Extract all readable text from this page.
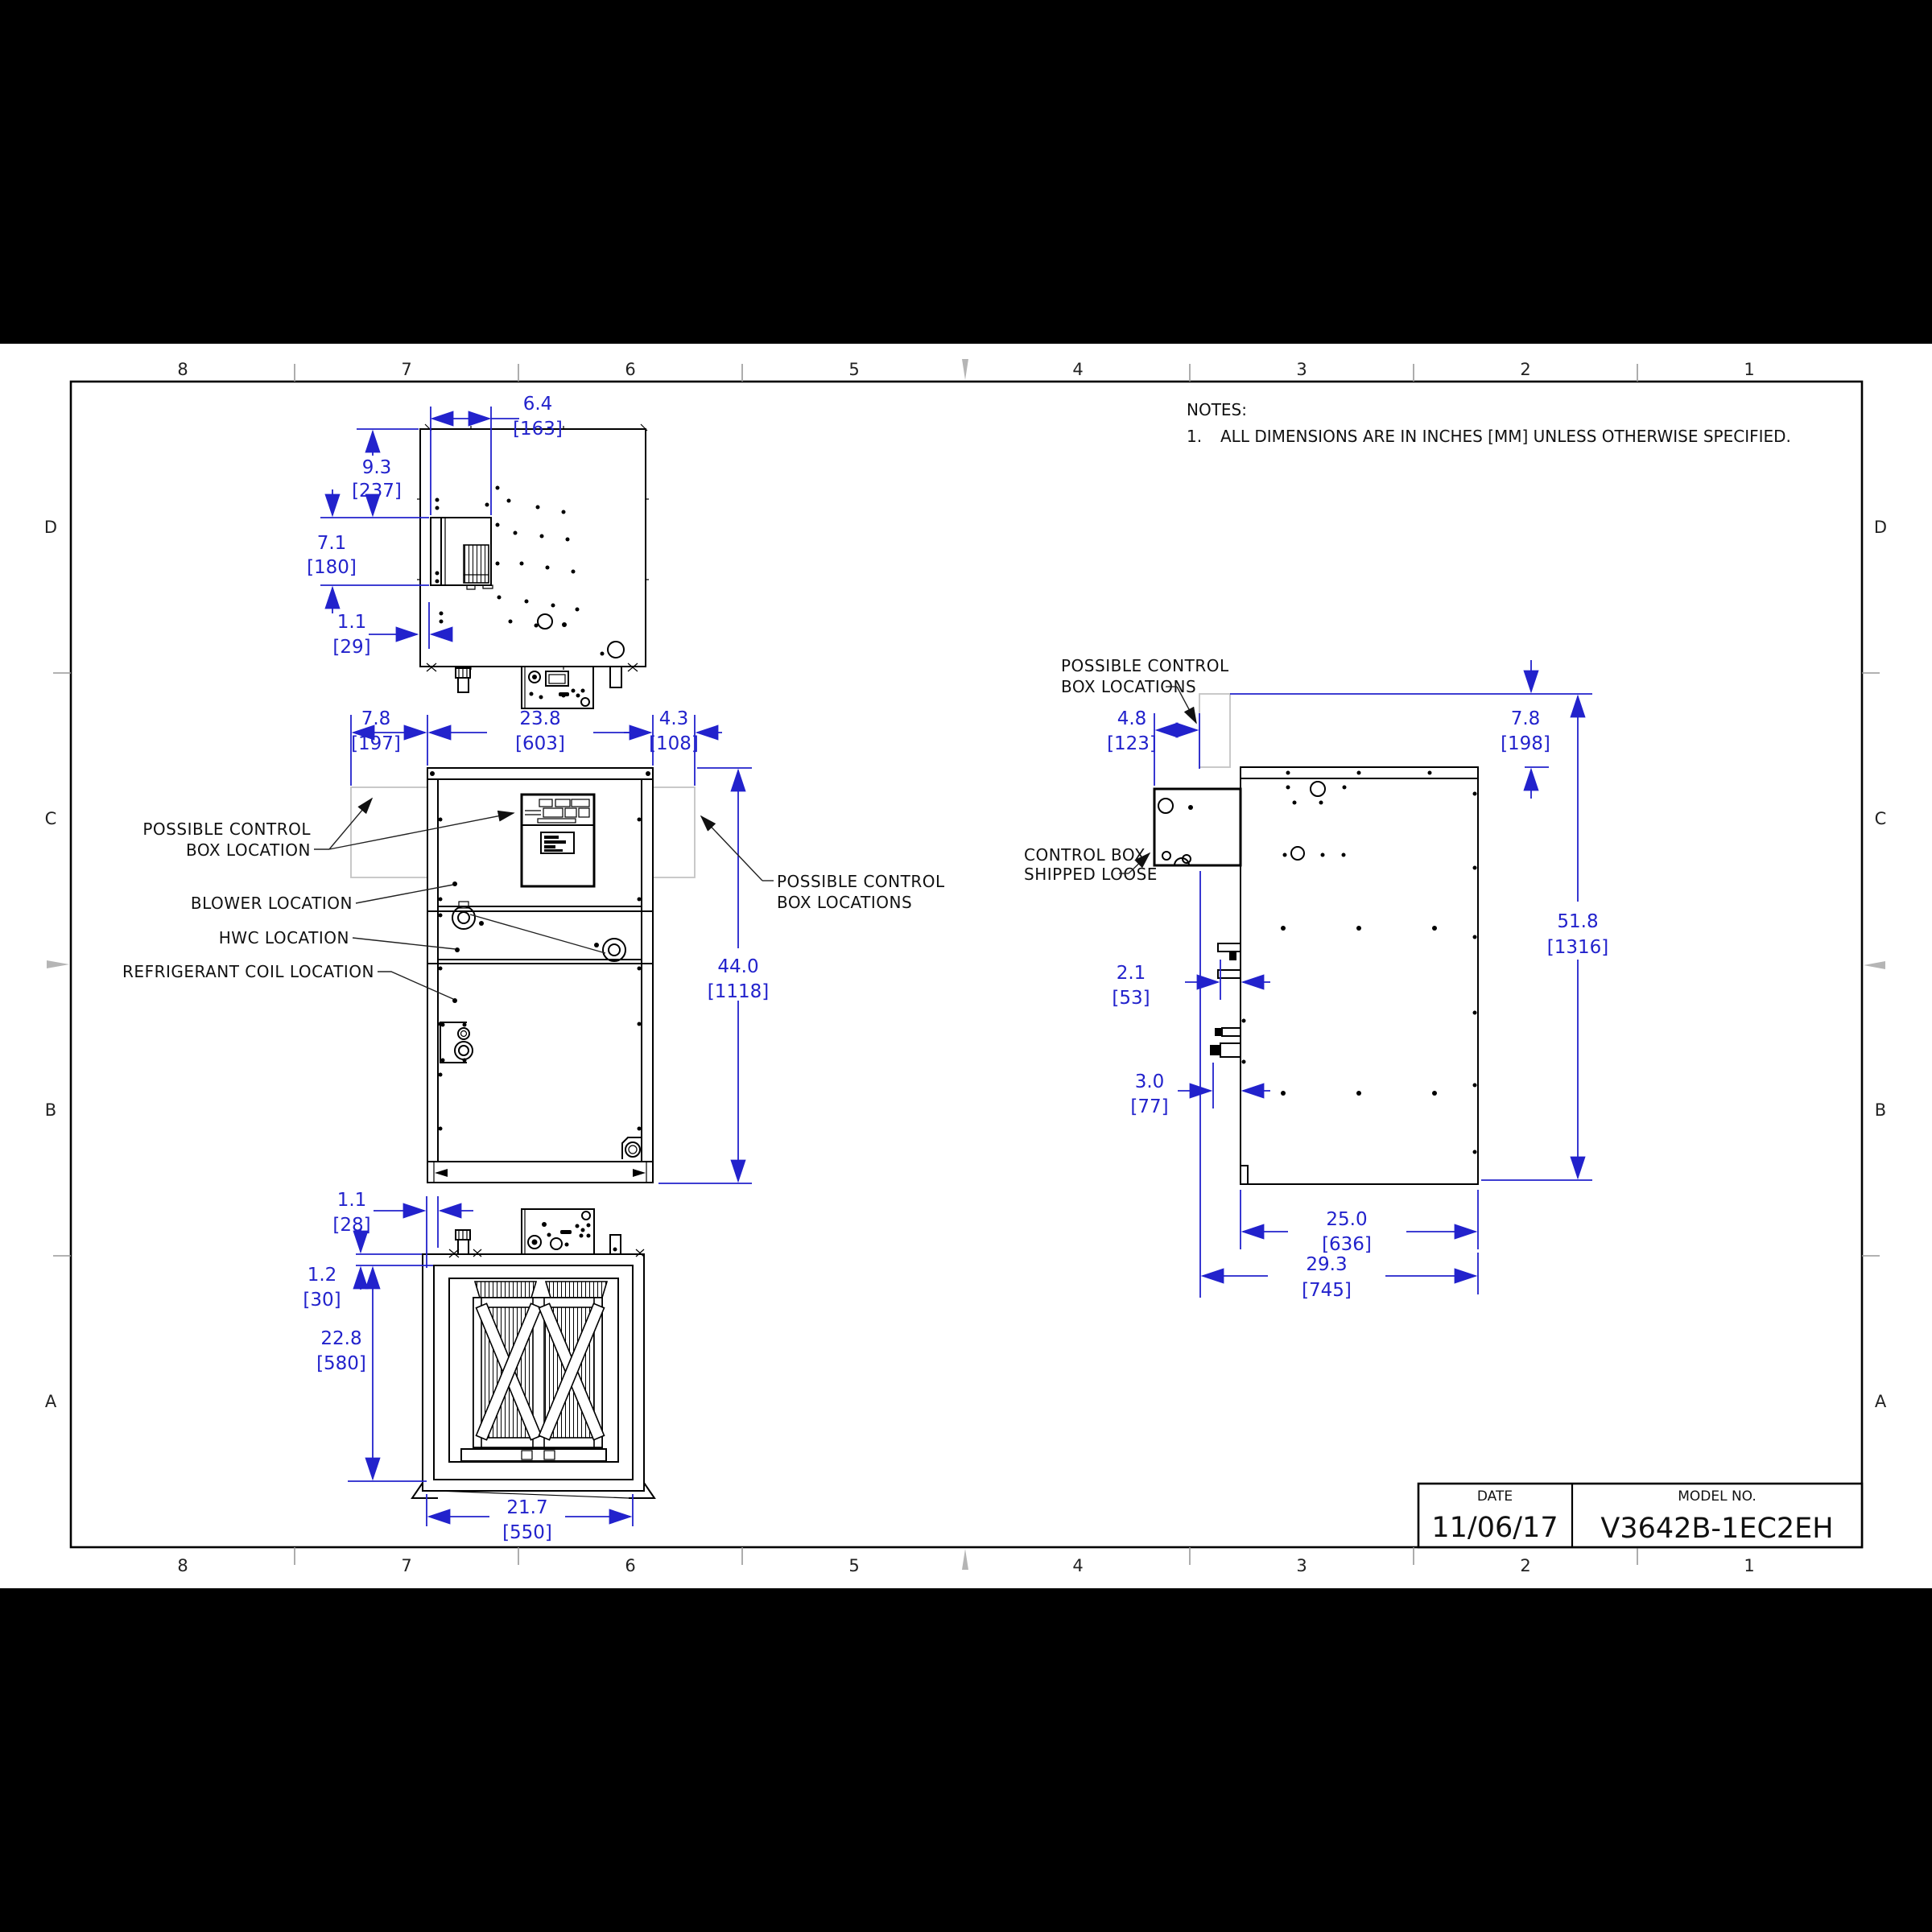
8	7	6	5	4	3	2	1
8	7	6	5	4	3	2	1
D
C
B
A
D
C
B
A
NOTES:
1. ALL DIMENSIONS ARE IN INCHES [MM] UNLESS OTHERWISE SPECIFIED.
DATE
11/06/17
MODEL NO.
V3642B-1EC2EH
6.4
[163]
9.3
[237]
7.1
[180]
1.1
[29]
7.8
[197]
23.8
[603]
4.3
[108]
44.0
[1118]
POSSIBLE CONTROL
BOX LOCATION
BLOWER LOCATION
HWC LOCATION
REFRIGERANT COIL LOCATION
POSSIBLE CONTROL
BOX LOCATIONS
4.8
[123]
7.8
[198]
51.8
[1316]
2.1
[53]
3.0
[77]
25.0
[636]
29.3
[745]
POSSIBLE CONTROL
BOX LOCATIONS
CONTROL BOX
SHIPPED LOOSE
1.1
[28]
1.2
[30]
22.8
[580]
21.7
[550]
